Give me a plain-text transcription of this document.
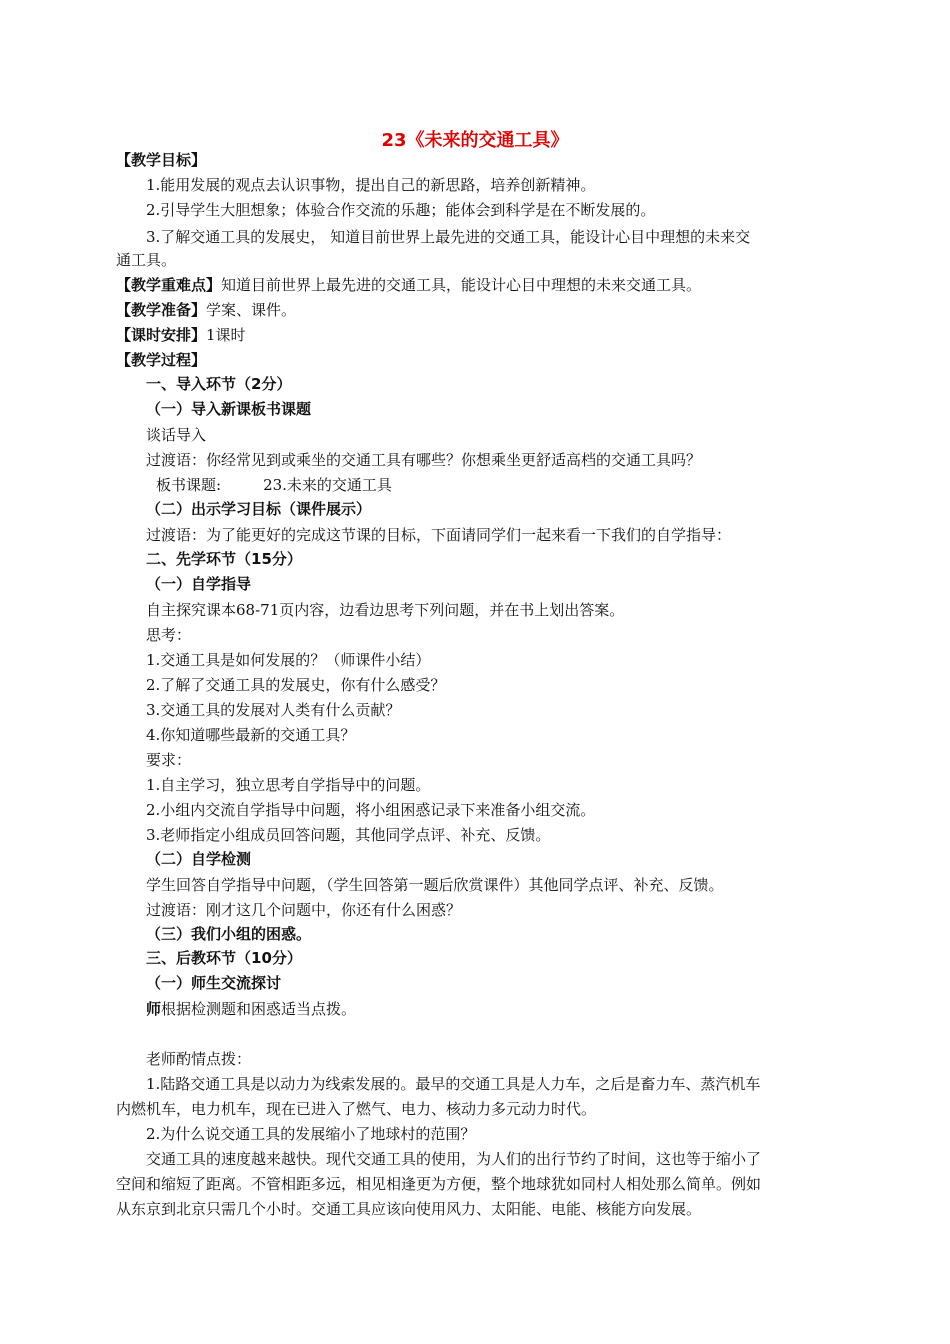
23《未来的交通工具》
【教学目标】
1.能用发展的观点去认识事物，提出自己的新思路，培养创新精神。
2.引导学生大胆想象；体验合作交流的乐趣；能体会到科学是在不断发展的。
3.了解交通工具的发展史， 知道目前世界上最先进的交通工具，能设计心目中理想的未来交
通工具。
【教学重难点】知道目前世界上最先进的交通工具，能设计心目中理想的未来交通工具。
【教学准备】学案、课件。
【课时安排】1课时
【教学过程】
一、导入环节（2分）
（一）导入新课板书课题
谈话导入
过渡语：你经常见到或乘坐的交通工具有哪些？你想乘坐更舒适高档的交通工具吗？
板书课题:	23.未来的交通工具
（二）出示学习目标（课件展示）
过渡语：为了能更好的完成这节课的目标，下面请同学们一起来看一下我们的自学指导：
二、先学环节（15分）
（一）自学指导
自主探究课本68-71页内容，边看边思考下列问题，并在书上划出答案。
思考：
1.交通工具是如何发展的？（师课件小结）
2.了解了交通工具的发展史，你有什么感受？
3.交通工具的发展对人类有什么贡献？
4.你知道哪些最新的交通工具？
要求：
1.自主学习，独立思考自学指导中的问题。
2.小组内交流自学指导中问题，将小组困惑记录下来准备小组交流。
3.老师指定小组成员回答问题，其他同学点评、补充、反馈。
（二）自学检测
学生回答自学指导中问题，（学生回答第一题后欣赏课件）其他同学点评、补充、反馈。
过渡语：刚才这几个问题中，你还有什么困惑？
（三）我们小组的困惑。
三、后教环节（10分）
（一）师生交流探讨
师根据检测题和困惑适当点拨。
老师酌情点拨：
1.陆路交通工具是以动力为线索发展的。最早的交通工具是人力车，之后是畜力车、蒸汽机车
内燃机车，电力机车，现在已进入了燃气、电力、核动力多元动力时代。
2.为什么说交通工具的发展缩小了地球村的范围？
交通工具的速度越来越快。现代交通工具的使用，为人们的出行节约了时间，这也等于缩小了
空间和缩短了距离。不管相距多远，相见相逢更为方便，整个地球犹如同村人相处那么简单。例如
从东京到北京只需几个小时。交通工具应该向使用风力、太阳能、电能、核能方向发展。
